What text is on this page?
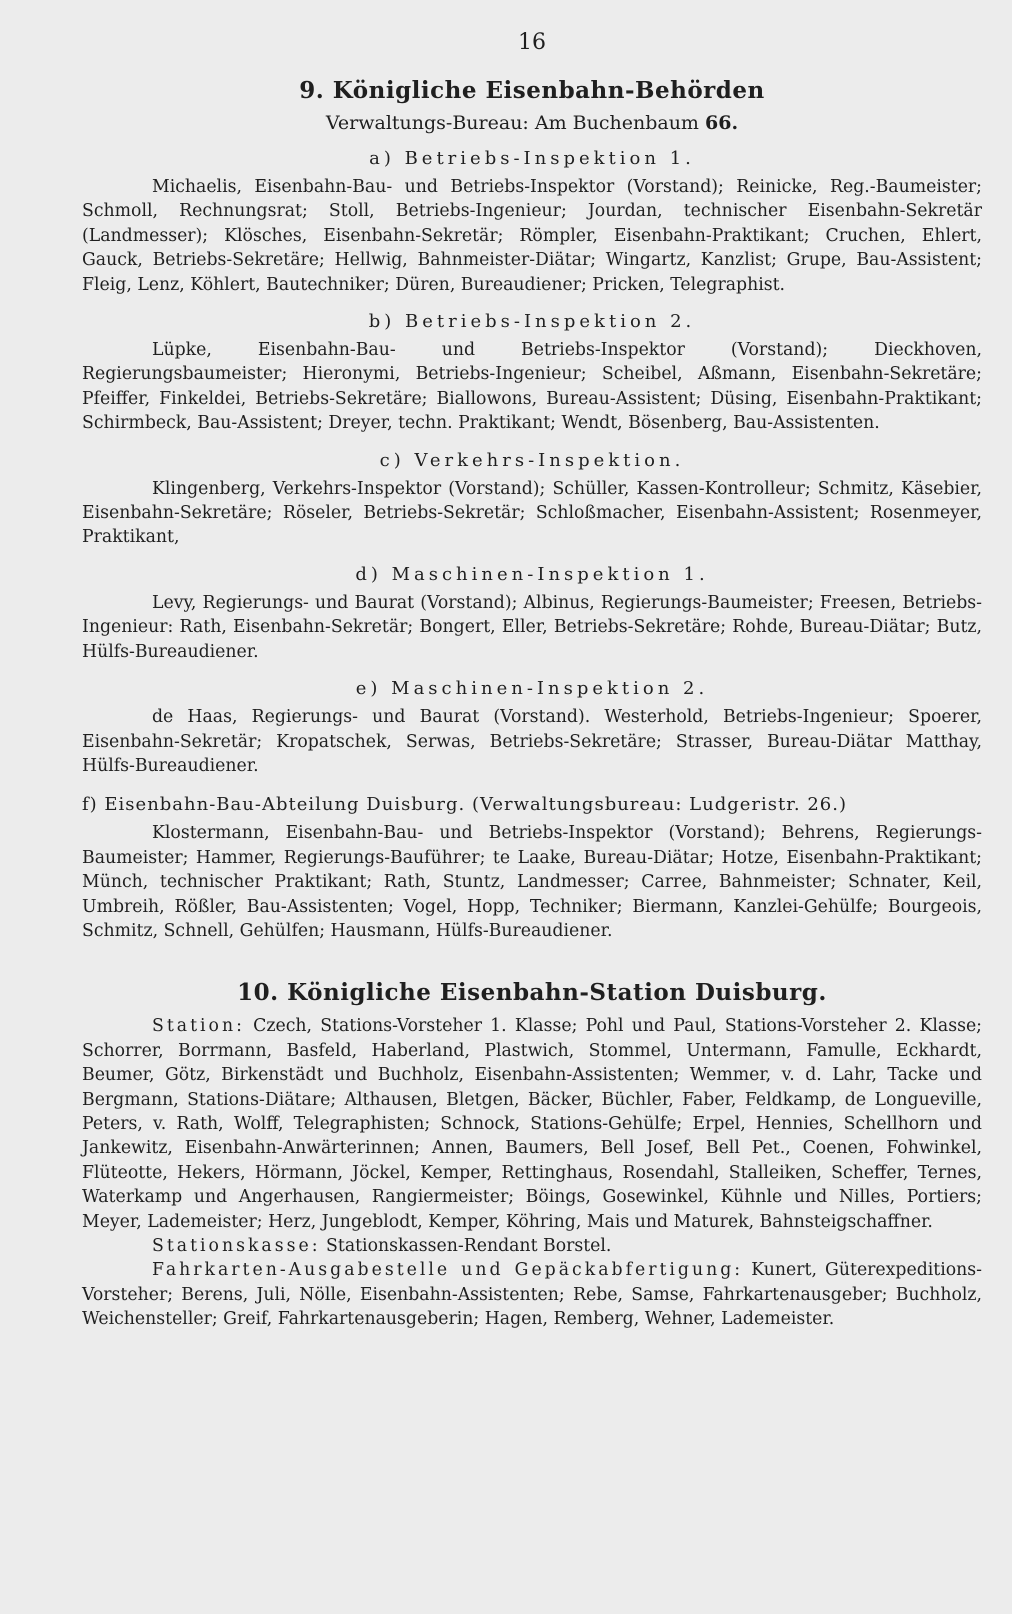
16
9. Königliche Eisenbahn-Behörden
Verwaltungs-Bureau: Am Buchenbaum 66.
a) Betriebs-Inspektion 1.

Michaelis, Eisenbahn-Bau- und Betriebs-Inspektor (Vorstand); Reinicke, Reg.-Baumeister; Schmoll, Rechnungsrat; Stoll, Betriebs-Ingenieur; Jourdan, technischer Eisenbahn-Sekretär (Landmesser); Klösches, Eisenbahn-Sekretär; Römpler, Eisenbahn-Praktikant; Cruchen, Ehlert, Gauck, Betriebs-Sekretäre; Hellwig, Bahnmeister-Diätar; Wingartz, Kanzlist; Grupe, Bau-Assistent; Fleig, Lenz, Köhlert, Bautechniker; Düren, Bureaudiener; Pricken, Telegraphist.

b) Betriebs-Inspektion 2.

Lüpke, Eisenbahn-Bau- und Betriebs-Inspektor (Vorstand); Dieckhoven, Regierungsbaumeister; Hieronymi, Betriebs-Ingenieur; Scheibel, Aßmann, Eisenbahn-Sekretäre; Pfeiffer, Finkeldei, Betriebs-Sekretäre; Biallowons, Bureau-Assistent; Düsing, Eisenbahn-Praktikant; Schirmbeck, Bau-Assistent; Dreyer, techn. Praktikant; Wendt, Bösenberg, Bau-Assistenten.

c) Verkehrs-Inspektion.

Klingenberg, Verkehrs-Inspektor (Vorstand); Schüller, Kassen-Kontrolleur; Schmitz, Käsebier, Eisenbahn-Sekretäre; Röseler, Betriebs-Sekretär; Schloßmacher, Eisenbahn-Assistent; Rosenmeyer, Praktikant,

d) Maschinen-Inspektion 1.

Levy, Regierungs- und Baurat (Vorstand); Albinus, Regierungs-Baumeister; Freesen, Betriebs-Ingenieur: Rath, Eisenbahn-Sekretär; Bongert, Eller, Betriebs-Sekretäre; Rohde, Bureau-Diätar; Butz, Hülfs-Bureaudiener.

e) Maschinen-Inspektion 2.

de Haas, Regierungs- und Baurat (Vorstand). Westerhold, Betriebs-Ingenieur; Spoerer, Eisenbahn-Sekretär; Kropatschek, Serwas, Betriebs-Sekretäre; Strasser, Bureau-Diätar Matthay, Hülfs-Bureaudiener.

f) Eisenbahn-Bau-Abteilung Duisburg. (Verwaltungsbureau: Ludgeristr. 26.)

Klostermann, Eisenbahn-Bau- und Betriebs-Inspektor (Vorstand); Behrens, Regierungs-Baumeister; Hammer, Regierungs-Bauführer; te Laake, Bureau-Diätar; Hotze, Eisenbahn-Praktikant; Münch, technischer Praktikant; Rath, Stuntz, Landmesser; Carree, Bahnmeister; Schnater, Keil, Umbreih, Rößler, Bau-Assistenten; Vogel, Hopp, Techniker; Biermann, Kanzlei-Gehülfe; Bourgeois, Schmitz, Schnell, Gehülfen; Hausmann, Hülfs-Bureaudiener.

10. Königliche Eisenbahn-Station Duisburg.

Station: Czech, Stations-Vorsteher 1. Klasse; Pohl und Paul, Stations-Vorsteher 2. Klasse; Schorrer, Borrmann, Basfeld, Haberland, Plastwich, Stommel, Untermann, Famulle, Eckhardt, Beumer, Götz, Birkenstädt und Buchholz, Eisenbahn-Assistenten; Wemmer, v. d. Lahr, Tacke und Bergmann, Stations-Diätare; Althausen, Bletgen, Bäcker, Büchler, Faber, Feldkamp, de Longueville, Peters, v. Rath, Wolff, Telegraphisten; Schnock, Stations-Gehülfe; Erpel, Hennies, Schellhorn und Jankewitz, Eisenbahn-Anwärterinnen; Annen, Baumers, Bell Josef, Bell Pet., Coenen, Fohwinkel, Flüteotte, Hekers, Hörmann, Jöckel, Kemper, Rettinghaus, Rosendahl, Stalleiken, Scheffer, Ternes, Waterkamp und Angerhausen, Rangiermeister; Böings, Gosewinkel, Kühnle und Nilles, Portiers; Meyer, Lademeister; Herz, Jungeblodt, Kemper, Köhring, Mais und Maturek, Bahnsteigschaffner.

Stationskasse: Stationskassen-Rendant Borstel.

Fahrkarten-Ausgabestelle und Gepäckabfertigung: Kunert, Güterexpeditions-Vorsteher; Berens, Juli, Nölle, Eisenbahn-Assistenten; Rebe, Samse, Fahrkartenausgeber; Buchholz, Weichensteller; Greif, Fahrkartenausgeberin; Hagen, Remberg, Wehner, Lademeister.
